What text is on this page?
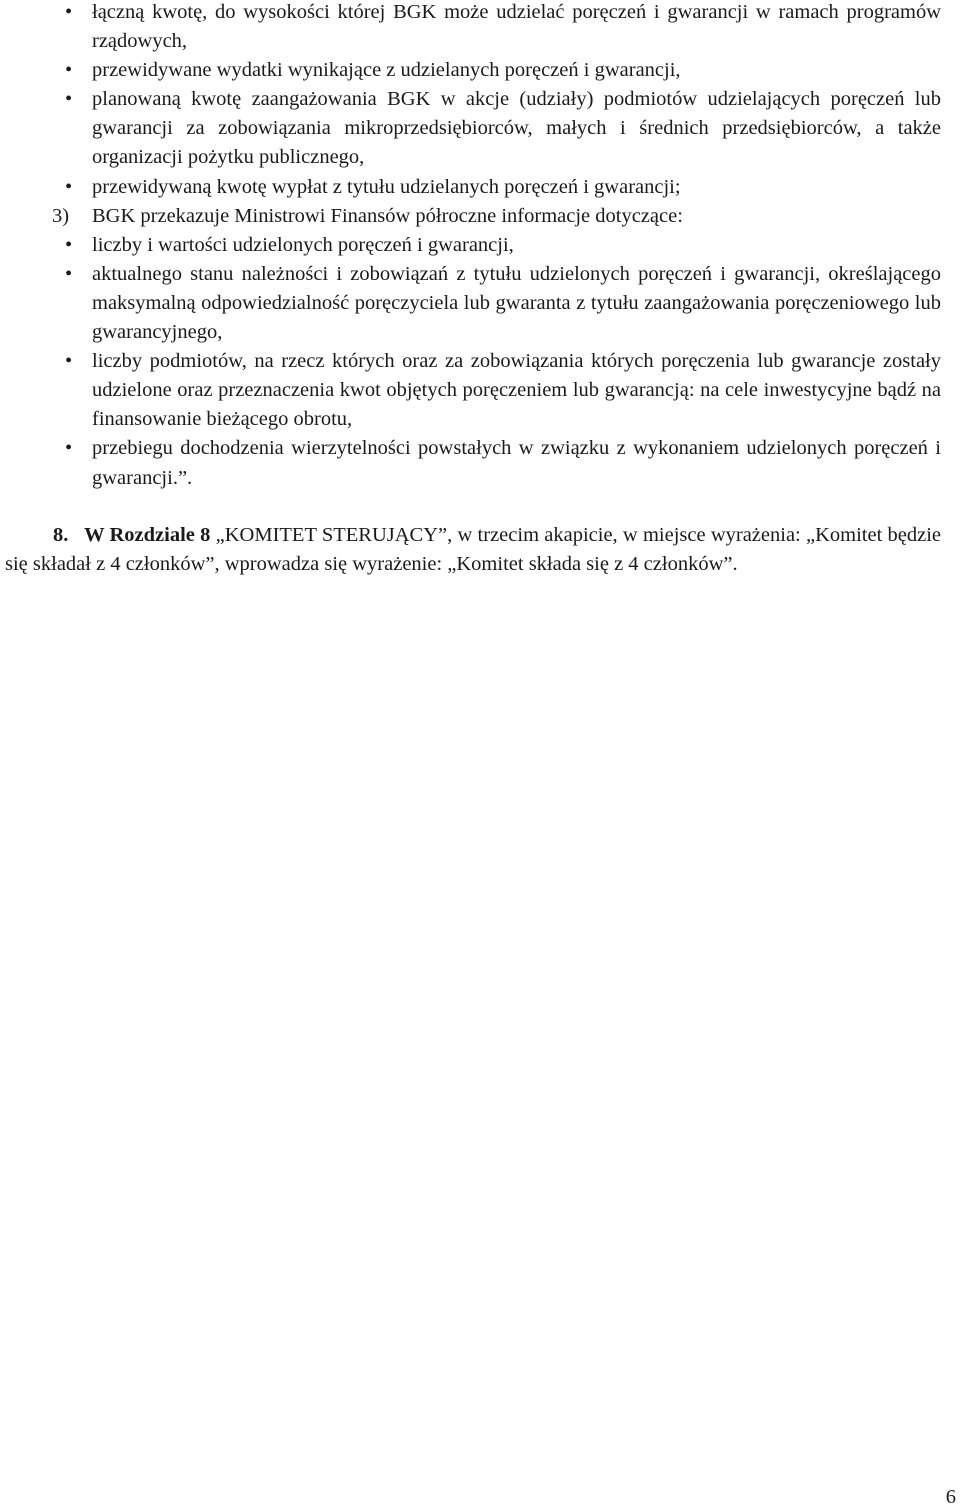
• łączną kwotę, do wysokości której BGK może udzielać poręczeń i gwarancji w ramach programów rządowych,

• przewidywane wydatki wynikające z udzielanych poręczeń i gwarancji,

• planowaną kwotę zaangażowania BGK w akcje (udziały) podmiotów udzielających poręczeń lub gwarancji za zobowiązania mikroprzedsiębiorców, małych i średnich przedsiębiorców, a także organizacji pożytku publicznego,

• przewidywaną kwotę wypłat z tytułu udzielanych poręczeń i gwarancji;

3) BGK przekazuje Ministrowi Finansów półroczne informacje dotyczące:

• liczby i wartości udzielonych poręczeń i gwarancji,

• aktualnego stanu należności i zobowiązań z tytułu udzielonych poręczeń i gwarancji, określającego maksymalną odpowiedzialność poręczyciela lub gwaranta z tytułu zaangażowania poręczeniowego lub gwarancyjnego,

• liczby podmiotów, na rzecz których oraz za zobowiązania których poręczenia lub gwarancje zostały udzielone oraz przeznaczenia kwot objętych poręczeniem lub gwarancją: na cele inwestycyjne bądź na finansowanie bieżącego obrotu,

• przebiegu dochodzenia wierzytelności powstałych w związku z wykonaniem udzielonych poręczeń i gwarancji.”.

8. W Rozdziale 8 „KOMITET STERUJĄCY”, w trzecim akapicie, w miejsce wyrażenia: „Komitet będzie się składał z 4 członków”, wprowadza się wyrażenie: „Komitet składa się z 4 członków”.

6
